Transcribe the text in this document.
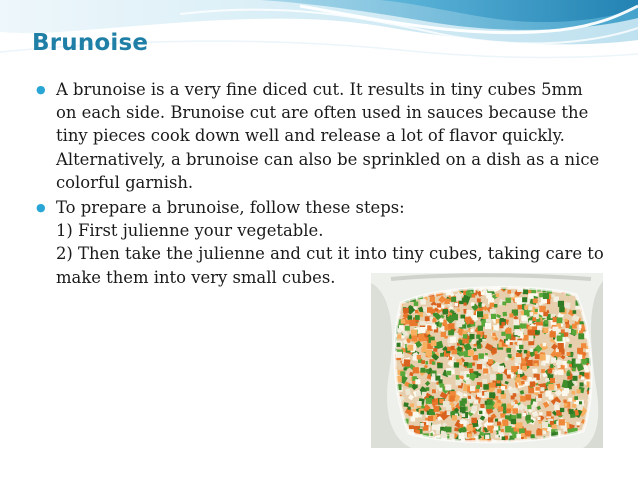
Brunoise
● A brunoise is a very fine diced cut. It results in tiny cubes 5mm on each side. Brunoise cut are often used in sauces because the tiny pieces cook down well and release a lot of flavor quickly. Alternatively, a brunoise can also be sprinkled on a dish as a nice colorful garnish.
● To prepare a brunoise, follow these steps:
1) First julienne your vegetable.
2) Then take the julienne and cut it into tiny cubes, taking care to make them into very small cubes.
